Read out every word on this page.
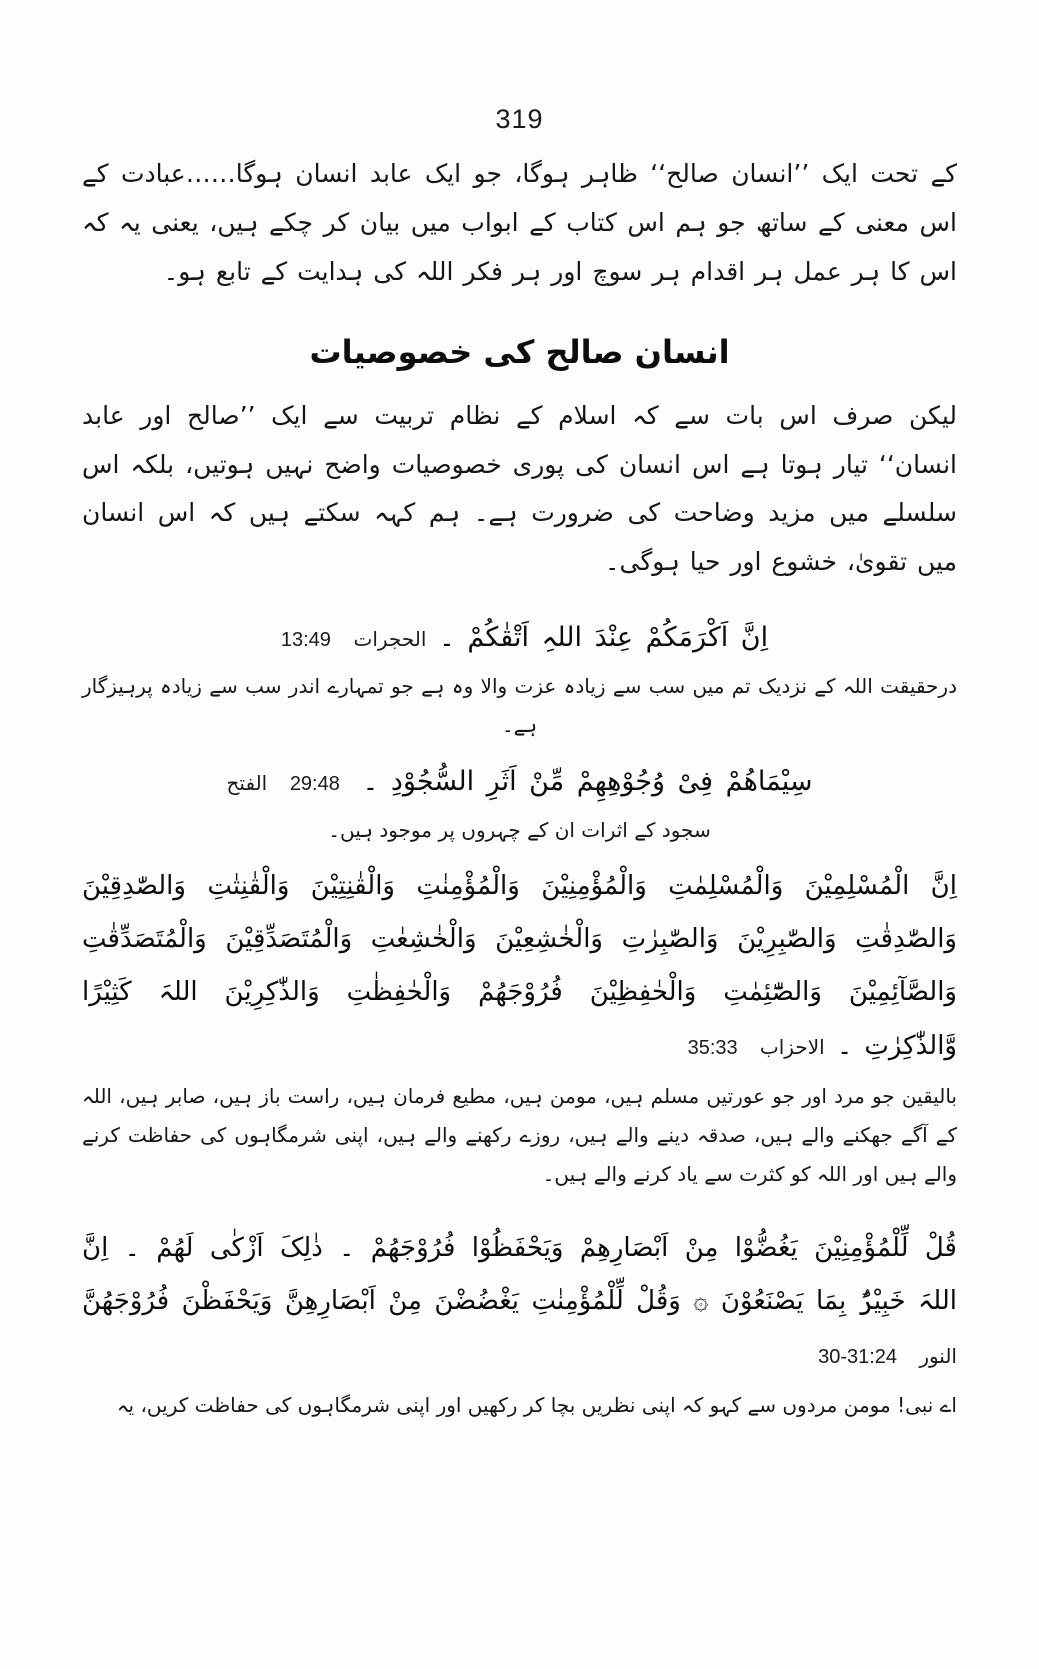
319

کے تحت ایک ’’انسان صالح‘‘ ظاہر ہوگا، جو ایک عابد انسان ہوگا……عبادت کے اس معنی کے ساتھ جو ہم اس کتاب کے ابواب میں بیان کر چکے ہیں، یعنی یہ کہ اس کا ہر عمل ہر اقدام ہر سوچ اور ہر فکر اللہ کی ہدایت کے تابع ہو۔

انسان صالح کی خصوصیات

لیکن صرف اس بات سے کہ اسلام کے نظام تربیت سے ایک ’’صالح اور عابد انسان‘‘ تیار ہوتا ہے اس انسان کی پوری خصوصیات واضح نہیں ہوتیں، بلکہ اس سلسلے میں مزید وضاحت کی ضرورت ہے۔ ہم کہہ سکتے ہیں کہ اس انسان میں تقویٰ، خشوع اور حیا ہوگی۔

اِنَّ اَکْرَمَکُمْ عِنْدَ اللہِ اَتْقٰکُمْ ۔ الحجرات 13:49

درحقیقت اللہ کے نزدیک تم میں سب سے زیادہ عزت والا وہ ہے جو تمہارے اندر سب سے زیادہ پرہیزگار ہے۔

سِیْمَاھُمْ فِیْ وُجُوْھِھِمْ مِّنْ اَثَرِ السُّجُوْدِ ۔ 29:48 الفتح

سجود کے اثرات ان کے چہروں پر موجود ہیں۔

اِنَّ الْمُسْلِمِیْنَ وَالْمُسْلِمٰتِ وَالْمُؤْمِنِیْنَ وَالْمُؤْمِنٰتِ وَالْقٰنِتِیْنَ وَالْقٰنِتٰتِ وَالصّٰدِقِیْنَ وَالصّٰدِقٰتِ وَالصّٰبِرِیْنَ وَالصّٰبِرٰتِ وَالْخٰشِعِیْنَ وَالْخٰشِعٰتِ وَالْمُتَصَدِّقِیْنَ وَالْمُتَصَدِّقٰتِ وَالصَّآئِمِیْنَ وَالصّٰٓئِمٰتِ وَالْحٰفِظِیْنَ فُرُوْجَھُمْ وَالْحٰفِظٰتِ وَالذّٰکِرِیْنَ اللہَ کَثِیْرًا وَّالذّٰکِرٰتِ ۔ الاحزاب 35:33

بالیقین جو مرد اور جو عورتیں مسلم ہیں، مومن ہیں، مطیع فرمان ہیں، راست باز ہیں، صابر ہیں، اللہ کے آگے جھکنے والے ہیں، صدقہ دینے والے ہیں، روزے رکھنے والے ہیں، اپنی شرمگاہوں کی حفاظت کرنے والے ہیں اور اللہ کو کثرت سے یاد کرنے والے ہیں۔

قُلْ لِّلْمُؤْمِنِیْنَ یَغُضُّوْا مِنْ اَبْصَارِھِمْ وَیَحْفَظُوْا فُرُوْجَھُمْ ۔ ذٰلِکَ اَزْکٰی لَھُمْ ۔ اِنَّ اللہَ خَبِیْرٌۢ بِمَا یَصْنَعُوْنَ ۞ وَقُلْ لِّلْمُؤْمِنٰتِ یَغْضُضْنَ مِنْ اَبْصَارِھِنَّ وَیَحْفَظْنَ فُرُوْجَھُنَّ النور 30-31:24

اے نبی! مومن مردوں سے کہو کہ اپنی نظریں بچا کر رکھیں اور اپنی شرمگاہوں کی حفاظت کریں، یہ
